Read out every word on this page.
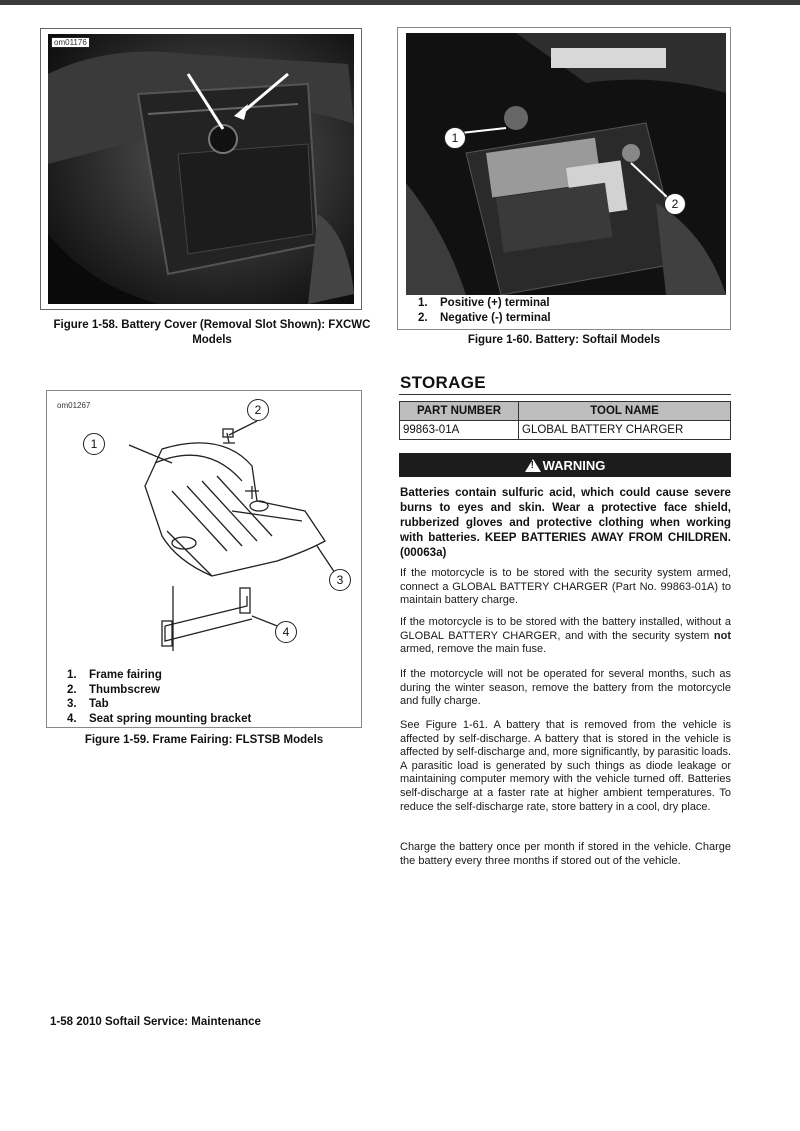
om01176
Figure 1-58. Battery Cover (Removal Slot Shown): FXCWC
Models
1
2
1.	Positive (+) terminal
2.	Negative (-) terminal
Figure 1-60. Battery: Softail Models
om01267
1
2
3
4
1.	Frame fairing
2.	Thumbscrew
3.	Tab
4.	Seat spring mounting bracket
Figure 1-59. Frame Fairing: FLSTSB Models
STORAGE
PART NUMBER	TOOL NAME
99863-01A	GLOBAL BATTERY CHARGER
!
WARNING
Batteries contain sulfuric acid, which could cause severe burns to eyes and skin. Wear a protective face shield, rubberized gloves and protective clothing when working with batteries. KEEP BATTERIES AWAY FROM CHILDREN. (00063a)
If the motorcycle is to be stored with the security system armed, connect a GLOBAL BATTERY CHARGER (Part No. 99863-01A) to maintain battery charge.
If the motorcycle is to be stored with the battery installed, without a GLOBAL BATTERY CHARGER, and with the security system not armed, remove the main fuse.
If the motorcycle will not be operated for several months, such as during the winter season, remove the battery from the motorcycle and fully charge.
See Figure 1-61. A battery that is removed from the vehicle is affected by self-discharge. A battery that is stored in the vehicle is affected by self-discharge and, more significantly, by parasitic loads. A parasitic load is generated by such things as diode leakage or maintaining computer memory with the vehicle turned off. Batteries self-discharge at a faster rate at higher ambient temperatures. To reduce the self-discharge rate, store battery in a cool, dry place.
Charge the battery once per month if stored in the vehicle. Charge the battery every three months if stored out of the vehicle.
1-58 2010 Softail Service: Maintenance
